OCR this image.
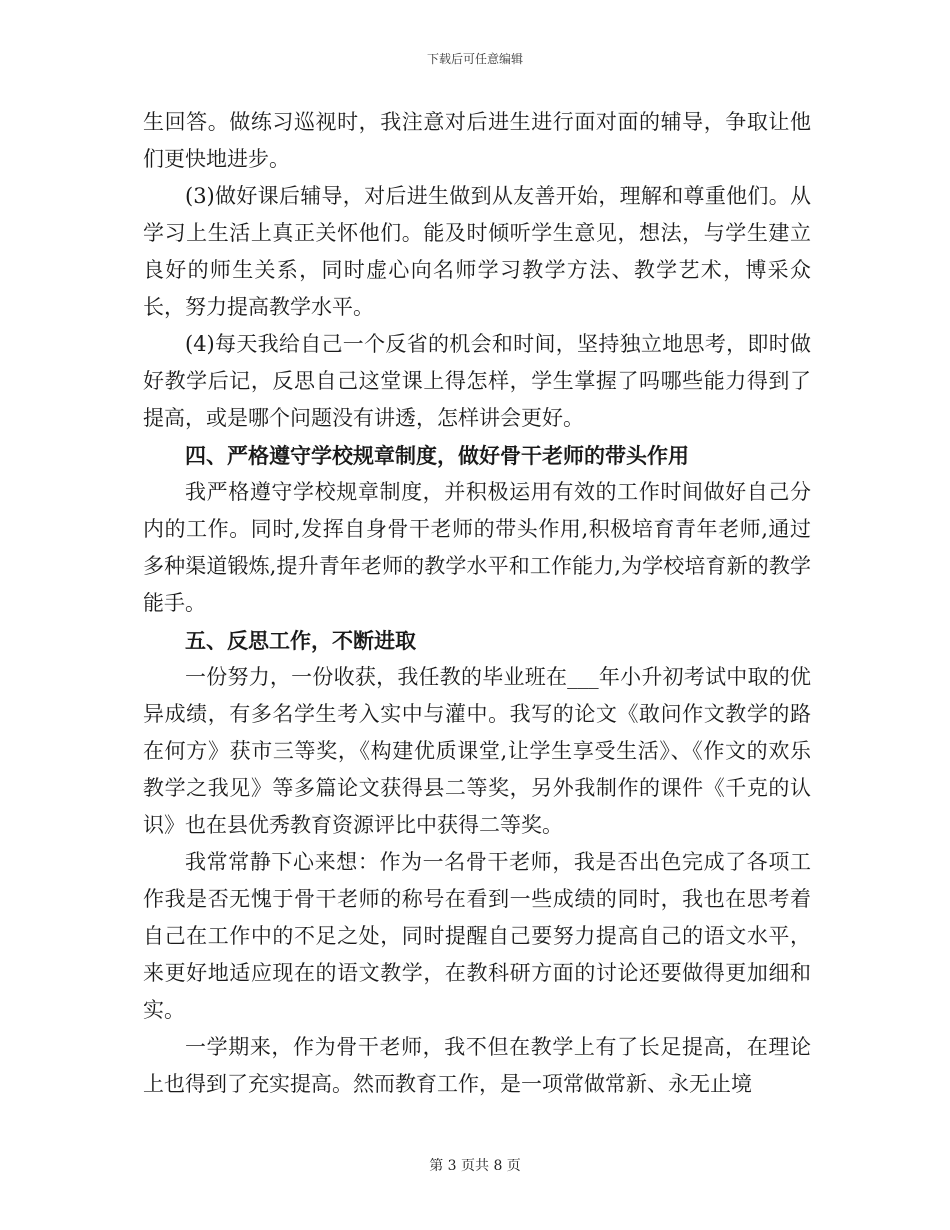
下载后可任意编辑

生回答。做练习巡视时，我注意对后进生进行面对面的辅导，争取让他们更快地进步。

(3)做好课后辅导，对后进生做到从友善开始，理解和尊重他们。从学习上生活上真正关怀他们。能及时倾听学生意见，想法，与学生建立良好的师生关系，同时虚心向名师学习教学方法、教学艺术，博采众长，努力提高教学水平。

(4)每天我给自己一个反省的机会和时间，坚持独立地思考，即时做好教学后记，反思自己这堂课上得怎样，学生掌握了吗哪些能力得到了提高，或是哪个问题没有讲透，怎样讲会更好。

四、严格遵守学校规章制度，做好骨干老师的带头作用

我严格遵守学校规章制度，并积极运用有效的工作时间做好自己分内的工作。同时,发挥自身骨干老师的带头作用,积极培育青年老师,通过多种渠道锻炼,提升青年老师的教学水平和工作能力,为学校培育新的教学能手。

五、反思工作，不断进取

一份努力，一份收获，我任教的毕业班在___年小升初考试中取的优异成绩，有多名学生考入实中与灌中。我写的论文《敢问作文教学的路在何方》获市三等奖，《构建优质课堂,让学生享受生活》、《作文的欢乐教学之我见》等多篇论文获得县二等奖，另外我制作的课件《千克的认识》也在县优秀教育资源评比中获得二等奖。

我常常静下心来想：作为一名骨干老师，我是否出色完成了各项工作我是否无愧于骨干老师的称号在看到一些成绩的同时，我也在思考着自己在工作中的不足之处，同时提醒自己要努力提高自己的语文水平，来更好地适应现在的语文教学，在教科研方面的讨论还要做得更加细和实。

一学期来，作为骨干老师，我不但在教学上有了长足提高，在理论上也得到了充实提高。然而教育工作，是一项常做常新、永无止境

第 3 页共 8 页
